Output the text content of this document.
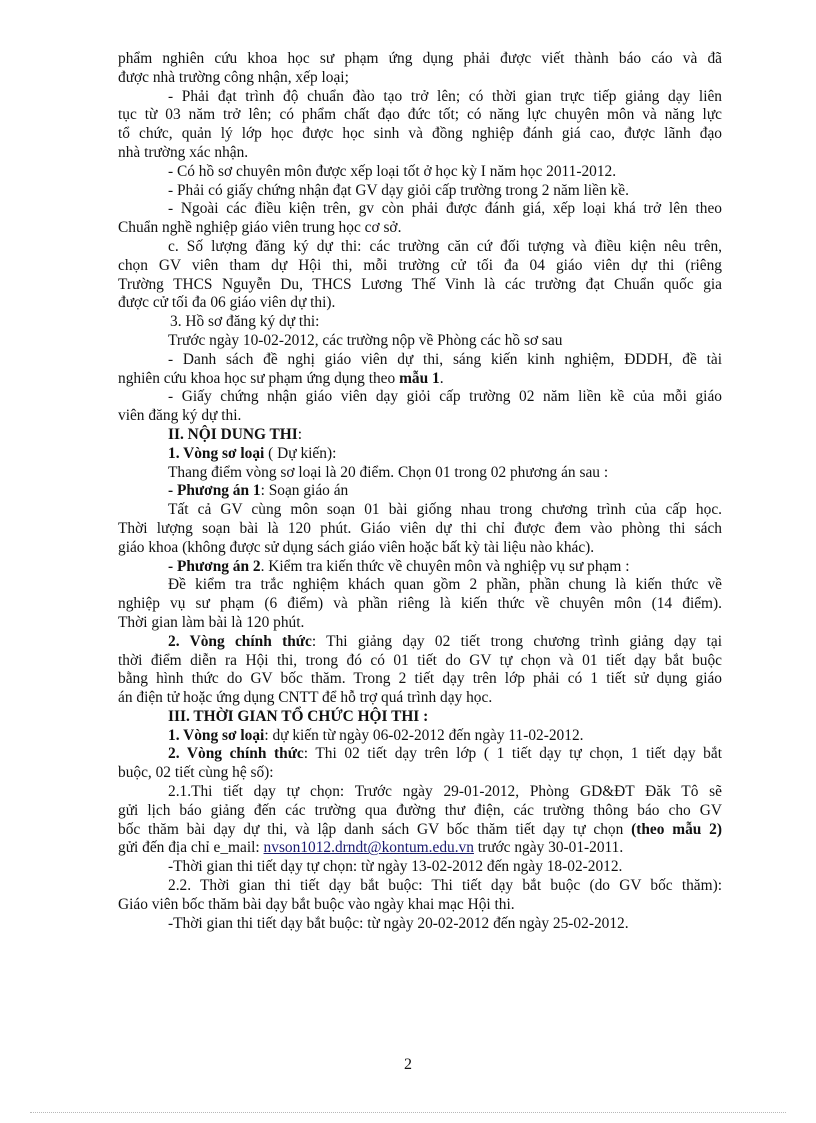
phẩm nghiên cứu khoa học sư phạm ứng dụng phải được viết thành báo cáo và đã

được nhà trường công nhận, xếp loại;

- Phải đạt trình độ chuẩn đào tạo trở lên; có thời gian trực tiếp giảng dạy liên

tục từ 03 năm trở lên; có phẩm chất đạo đức tốt; có năng lực chuyên môn và năng lực

tổ chức, quản lý lớp học được học sinh và đồng nghiệp đánh giá cao, được lãnh đạo

nhà trường xác nhận.

- Có hồ sơ chuyên môn được xếp loại tốt ở học kỳ I năm học 2011-2012.

- Phải có giấy chứng nhận đạt GV dạy giỏi cấp trường trong 2 năm liền kề.

- Ngoài các điều kiện trên, gv còn phải được đánh giá, xếp loại khá trở lên theo

Chuẩn nghề nghiệp giáo viên trung học cơ sở.

c. Số lượng đăng ký dự thi: các trường căn cứ đối tượng và điều kiện nêu trên,

chọn GV viên tham dự Hội thi, mỗi trường cử tối đa 04 giáo viên dự thi (riêng

Trường THCS Nguyễn Du, THCS Lương Thế Vinh là các trường đạt Chuẩn quốc gia

được cử tối đa 06 giáo viên dự thi).

3. Hồ sơ đăng ký dự thi:

Trước ngày 10-02-2012, các trường nộp về Phòng các hồ sơ sau

- Danh sách đề nghị giáo viên dự thi, sáng kiến kinh nghiệm, ĐDDH, đề tài

nghiên cứu khoa học sư phạm ứng dụng theo mẫu 1.

- Giấy chứng nhận giáo viên dạy giỏi cấp trường 02 năm liền kề của mỗi giáo

viên đăng ký dự thi.

II. NỘI DUNG THI:

1. Vòng sơ loại ( Dự kiến):

Thang điểm vòng sơ loại là 20 điểm. Chọn 01 trong 02 phương án sau :

- Phương án 1: Soạn giáo án

Tất cả GV cùng môn soạn 01 bài giống nhau trong chương trình của cấp học.

Thời lượng soạn bài là 120 phút. Giáo viên dự thi chỉ được đem vào phòng thi sách

giáo khoa (không được sử dụng sách giáo viên hoặc bất kỳ tài liệu nào khác).

- Phương án 2. Kiểm tra kiến thức về chuyên môn và nghiệp vụ sư phạm :

Đề kiểm tra trắc nghiệm khách quan gồm 2 phần, phần chung là kiến thức về

nghiệp vụ sư phạm (6 điểm) và phần riêng là kiến thức về chuyên môn (14 điểm).

Thời gian làm bài là 120 phút.

2. Vòng chính thức: Thi giảng dạy 02 tiết trong chương trình giảng dạy tại

thời điểm diễn ra Hội thi, trong đó có 01 tiết do GV tự chọn và 01 tiết dạy bắt buộc

bằng hình thức do GV bốc thăm. Trong 2 tiết dạy trên lớp phải có 1 tiết sử dụng giáo

án điện tử hoặc ứng dụng CNTT để hỗ trợ quá trình dạy học.

III. THỜI GIAN TỔ CHỨC HỘI THI :

1. Vòng sơ loại: dự kiến từ ngày 06-02-2012 đến ngày 11-02-2012.

2. Vòng chính thức: Thi 02 tiết dạy trên lớp ( 1 tiết dạy tự chọn, 1 tiết dạy bắt

buộc, 02 tiết cùng hệ số):

2.1.Thi tiết dạy tự chọn: Trước ngày 29-01-2012, Phòng GD&ĐT Đăk Tô sẽ

gửi lịch báo giảng đến các trường qua đường thư điện, các trường thông báo cho GV

bốc thăm bài dạy dự thi, và lập danh sách GV bốc thăm tiết dạy tự chọn (theo mẫu 2)

gửi đến địa chỉ e_mail: nvson1012.drndt@kontum.edu.vn trước ngày 30-01-2011.

-Thời gian thi tiết dạy tự chọn: từ ngày 13-02-2012 đến ngày 18-02-2012.

2.2. Thời gian thi tiết dạy bắt buộc: Thi tiết dạy bắt buộc (do GV bốc thăm):

Giáo viên bốc thăm bài dạy bắt buộc vào ngày khai mạc Hội thi.

-Thời gian thi tiết dạy bắt buộc: từ ngày 20-02-2012 đến ngày 25-02-2012.

2
